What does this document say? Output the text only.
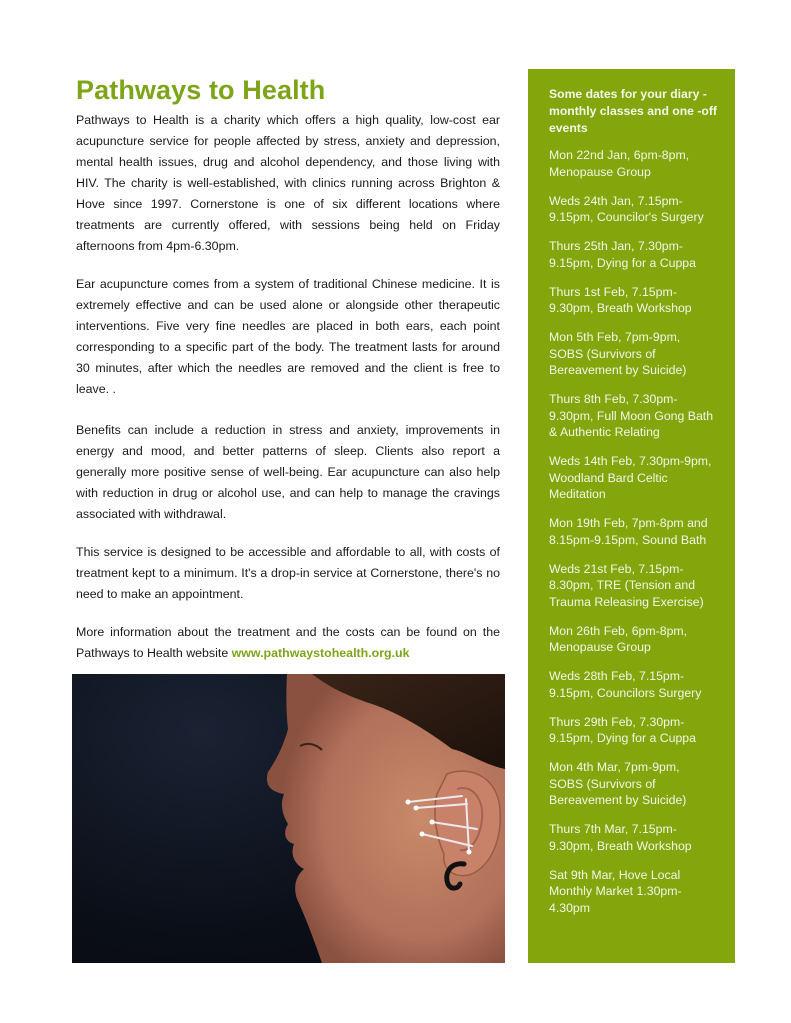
Pathways to Health

Pathways to Health is a charity which offers a high quality, low-cost ear acupuncture service for people affected by stress, anxiety and depression, mental health issues, drug and alcohol dependency, and those living with HIV. The charity is well-established, with clinics running across Brighton & Hove since 1997. Cornerstone is one of six different locations where treatments are currently offered, with sessions being held on Friday afternoons from 4pm-6.30pm.

Ear acupuncture comes from a system of traditional Chinese medicine. It is extremely effective and can be used alone or alongside other therapeutic interventions. Five very fine needles are placed in both ears, each point corresponding to a specific part of the body. The treatment lasts for around 30 minutes, after which the needles are removed and the client is free to leave. .

Benefits can include a reduction in stress and anxiety, improvements in energy and mood, and better patterns of sleep. Clients also report a generally more positive sense of well-being. Ear acupuncture can also help with reduction in drug or alcohol use, and can help to manage the cravings associated with withdrawal.

This service is designed to be accessible and affordable to all, with costs of treatment kept to a minimum. It's a drop-in service at Cornerstone, there's no need to make an appointment.

More information about the treatment and the costs can be found on the Pathways to Health website www.pathwaystohealth.org.uk

Some dates for your diary - monthly classes and one -off events

Mon 22nd Jan, 6pm-8pm, Menopause Group

Weds 24th Jan, 7.15pm-9.15pm, Councilor's Surgery

Thurs 25th Jan, 7.30pm-9.15pm, Dying for a Cuppa

Thurs 1st Feb, 7.15pm-9.30pm, Breath Workshop

Mon 5th Feb, 7pm-9pm, SOBS (Survivors of Bereavement by Suicide)

Thurs 8th Feb, 7.30pm-9.30pm, Full Moon Gong Bath & Authentic Relating

Weds 14th Feb, 7.30pm-9pm, Woodland Bard Celtic Meditation

Mon 19th Feb, 7pm-8pm and 8.15pm-9.15pm, Sound Bath

Weds 21st Feb, 7.15pm-8.30pm, TRE (Tension and Trauma Releasing Exercise)

Mon 26th Feb, 6pm-8pm, Menopause Group

Weds 28th Feb, 7.15pm-9.15pm, Councilors Surgery

Thurs 29th Feb, 7.30pm-9.15pm, Dying for a Cuppa

Mon 4th Mar, 7pm-9pm, SOBS (Survivors of Bereavement by Suicide)

Thurs 7th Mar, 7.15pm-9.30pm, Breath Workshop

Sat 9th Mar, Hove Local Monthly Market 1.30pm-4.30pm
